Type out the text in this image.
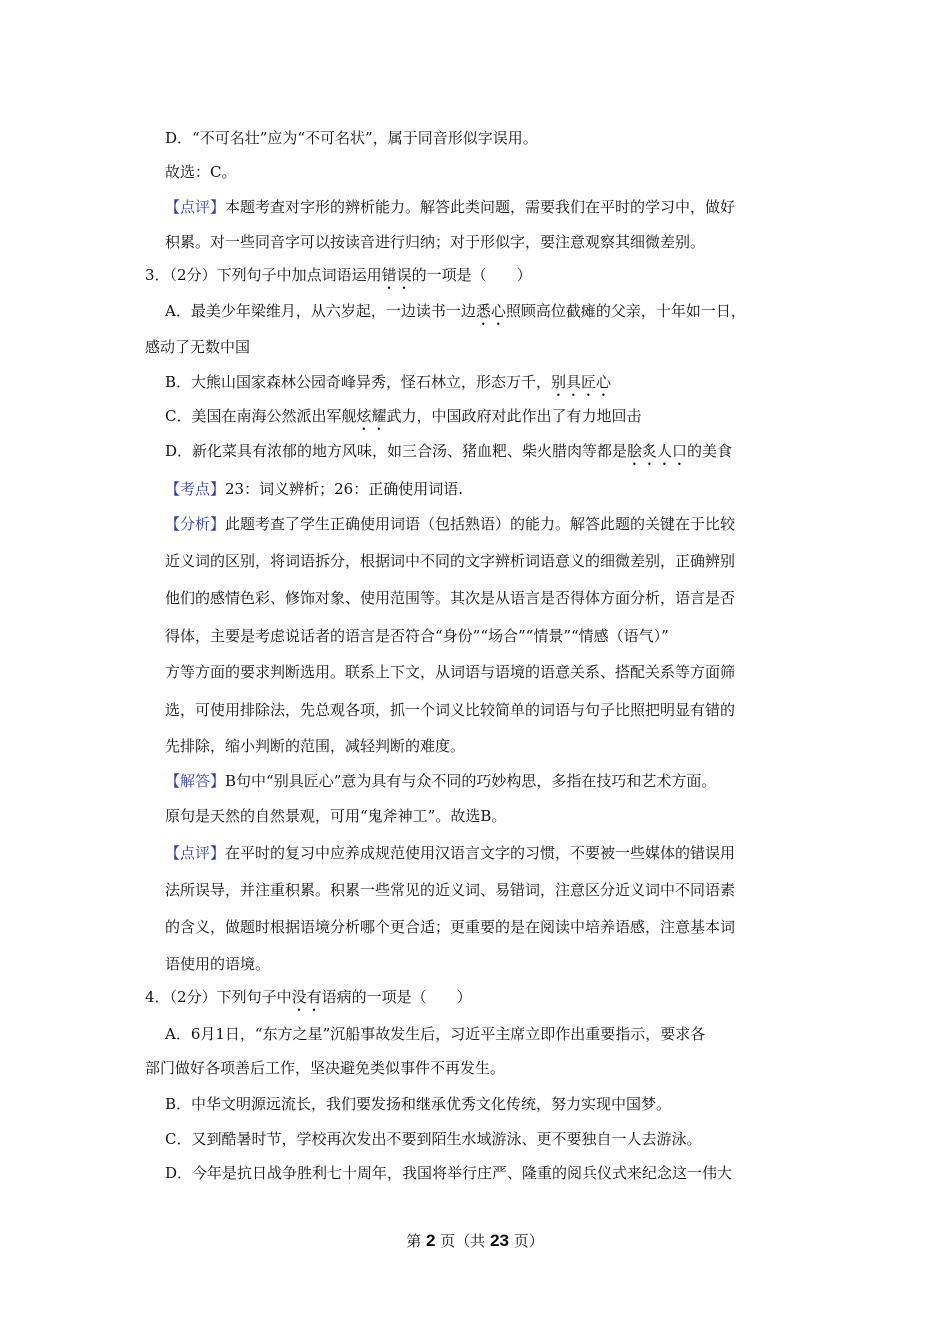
D．“不可名壮”应为“不可名状”，属于同音形似字误用。
故选：C。
【点评】本题考查对字形的辨析能力。解答此类问题，需要我们在平时的学习中，做好
积累。对一些同音字可以按读音进行归纳；对于形似字，要注意观察其细微差别。
3．（2分）下列句子中加点词语运用错误的一项是（　　）
A．最美少年梁维月，从六岁起，一边读书一边悉心照顾高位截瘫的父亲，十年如一日，
感动了无数中国
B．大熊山国家森林公园奇峰异秀，怪石林立，形态万千，别具匠心
C．美国在南海公然派出军舰炫耀武力，中国政府对此作出了有力地回击
D．新化菜具有浓郁的地方风味，如三合汤、猪血粑、柴火腊肉等都是脍炙人口的美食
【考点】23：词义辨析；26：正确使用词语.
【分析】此题考查了学生正确使用词语（包括熟语）的能力。解答此题的关键在于比较
近义词的区别，将词语拆分，根据词中不同的文字辨析词语意义的细微差别，正确辨别
他们的感情色彩、修饰对象、使用范围等。其次是从语言是否得体方面分析，语言是否
得体，主要是考虑说话者的语言是否符合“身份”“场合”“情景”“情感（语气）”
方等方面的要求判断选用。联系上下文，从词语与语境的语意关系、搭配关系等方面筛
选，可使用排除法，先总观各项，抓一个词义比较简单的词语与句子比照把明显有错的
先排除，缩小判断的范围，减轻判断的难度。
【解答】B句中“别具匠心”意为具有与众不同的巧妙构思，多指在技巧和艺术方面。
原句是天然的自然景观，可用“鬼斧神工”。故选B。
【点评】在平时的复习中应养成规范使用汉语言文字的习惯，不要被一些媒体的错误用
法所误导，并注重积累。积累一些常见的近义词、易错词，注意区分近义词中不同语素
的含义，做题时根据语境分析哪个更合适；更重要的是在阅读中培养语感，注意基本词
语使用的语境。
4．（2分）下列句子中没有语病的一项是（　　）
A．6月1日，“东方之星”沉船事故发生后，习近平主席立即作出重要指示，要求各
部门做好各项善后工作，坚决避免类似事件不再发生。
B．中华文明源远流长，我们要发扬和继承优秀文化传统，努力实现中国梦。
C．又到酷暑时节，学校再次发出不要到陌生水域游泳、更不要独自一人去游泳。
D．今年是抗日战争胜利七十周年，我国将举行庄严、隆重的阅兵仪式来纪念这一伟大
第 2 页（共 23 页）
